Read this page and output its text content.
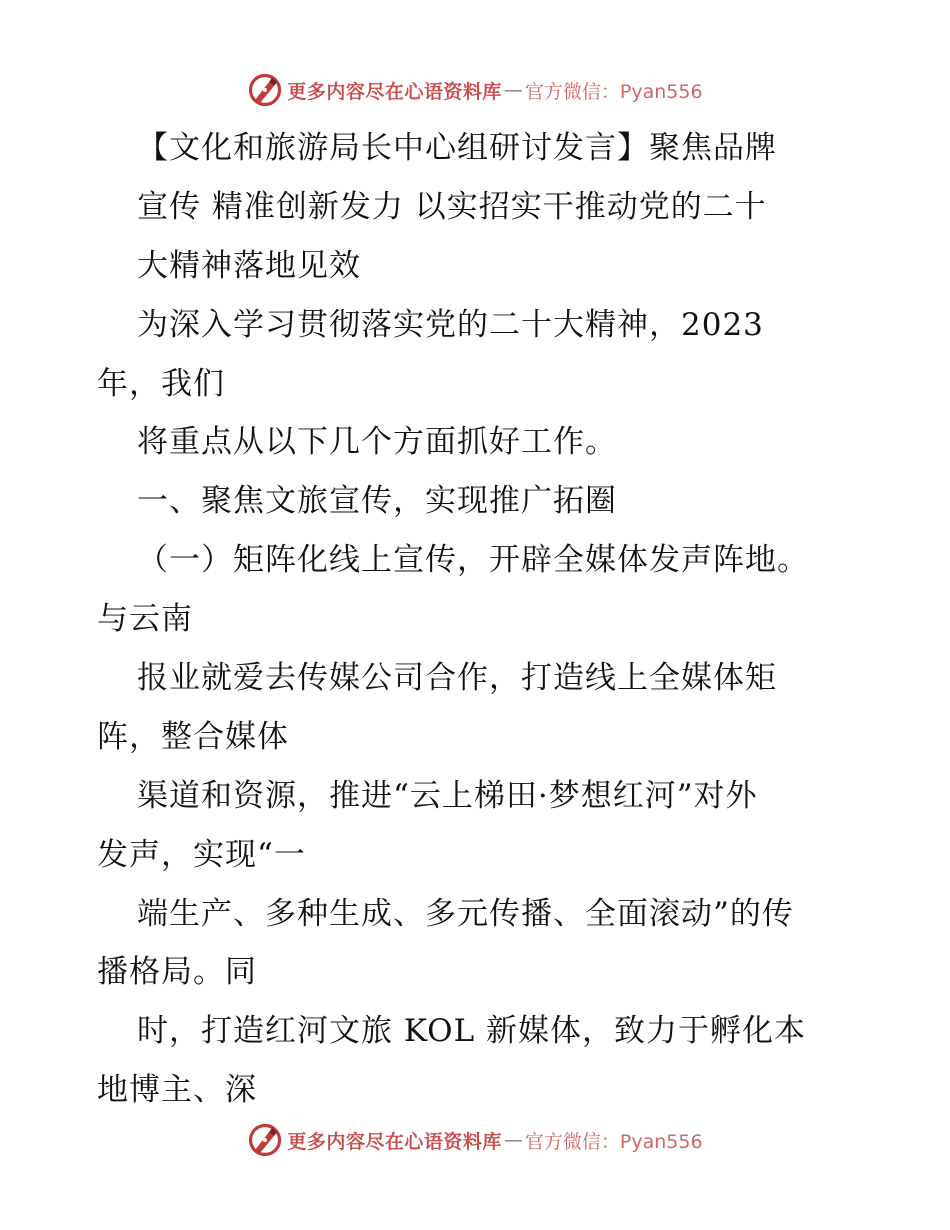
更多内容尽在心语资料库 — 官方微信：Pyan556
【文化和旅游局长中心组研讨发言】聚焦品牌
宣传 精准创新发力 以实招实干推动党的二十
大精神落地见效
为深入学习贯彻落实党的二十大精神，2023
年，我们
将重点从以下几个方面抓好工作。
一、聚焦文旅宣传，实现推广拓圈
（一）矩阵化线上宣传，开辟全媒体发声阵地。
与云南
报业就爱去传媒公司合作，打造线上全媒体矩
阵，整合媒体
渠道和资源，推进“云上梯田·梦想红河”对外
发声，实现“一
端生产、多种生成、多元传播、全面滚动”的传
播格局。同
时，打造红河文旅 KOL 新媒体，致力于孵化本
地博主、深
更多内容尽在心语资料库 — 官方微信：Pyan556
